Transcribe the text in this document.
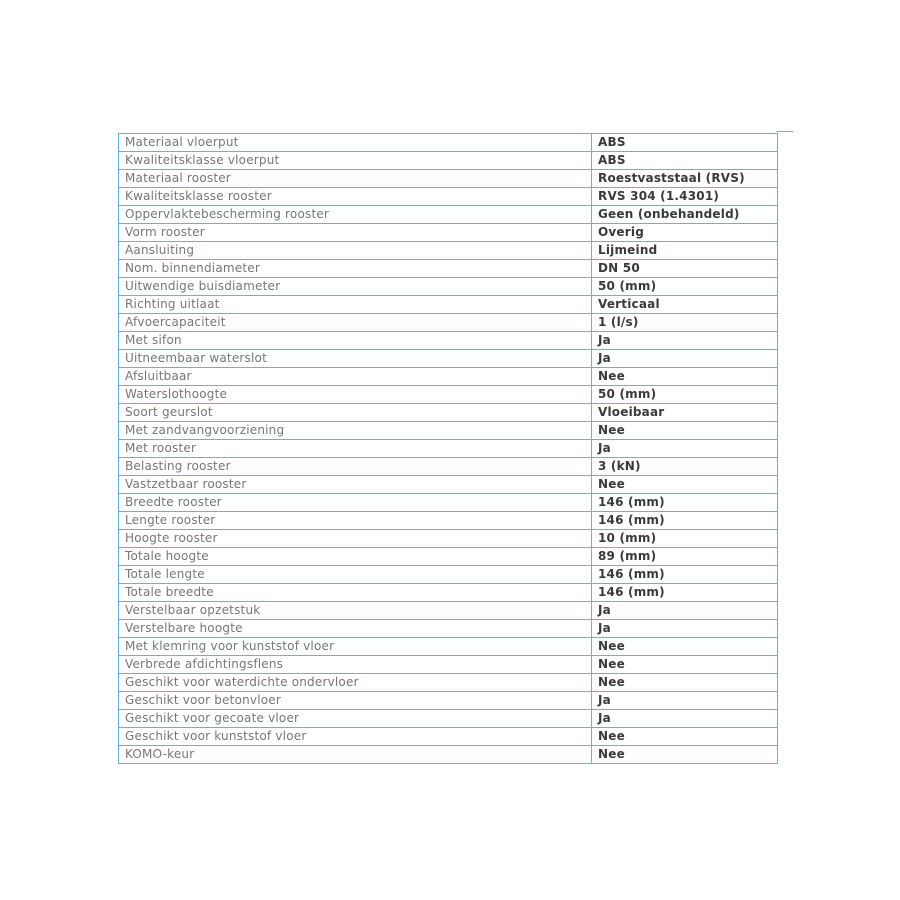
Materiaal vloerput	ABS
Kwaliteitsklasse vloerput	ABS
Materiaal rooster	Roestvaststaal (RVS)
Kwaliteitsklasse rooster	RVS 304 (1.4301)
Oppervlaktebescherming rooster	Geen (onbehandeld)
Vorm rooster	Overig
Aansluiting	Lijmeind
Nom. binnendiameter	DN 50
Uitwendige buisdiameter	50 (mm)
Richting uitlaat	Verticaal
Afvoercapaciteit	1 (l/s)
Met sifon	Ja
Uitneembaar waterslot	Ja
Afsluitbaar	Nee
Waterslothoogte	50 (mm)
Soort geurslot	Vloeibaar
Met zandvangvoorziening	Nee
Met rooster	Ja
Belasting rooster	3 (kN)
Vastzetbaar rooster	Nee
Breedte rooster	146 (mm)
Lengte rooster	146 (mm)
Hoogte rooster	10 (mm)
Totale hoogte	89 (mm)
Totale lengte	146 (mm)
Totale breedte	146 (mm)
Verstelbaar opzetstuk	Ja
Verstelbare hoogte	Ja
Met klemring voor kunststof vloer	Nee
Verbrede afdichtingsflens	Nee
Geschikt voor waterdichte ondervloer	Nee
Geschikt voor betonvloer	Ja
Geschikt voor gecoate vloer	Ja
Geschikt voor kunststof vloer	Nee
KOMO-keur	Nee
